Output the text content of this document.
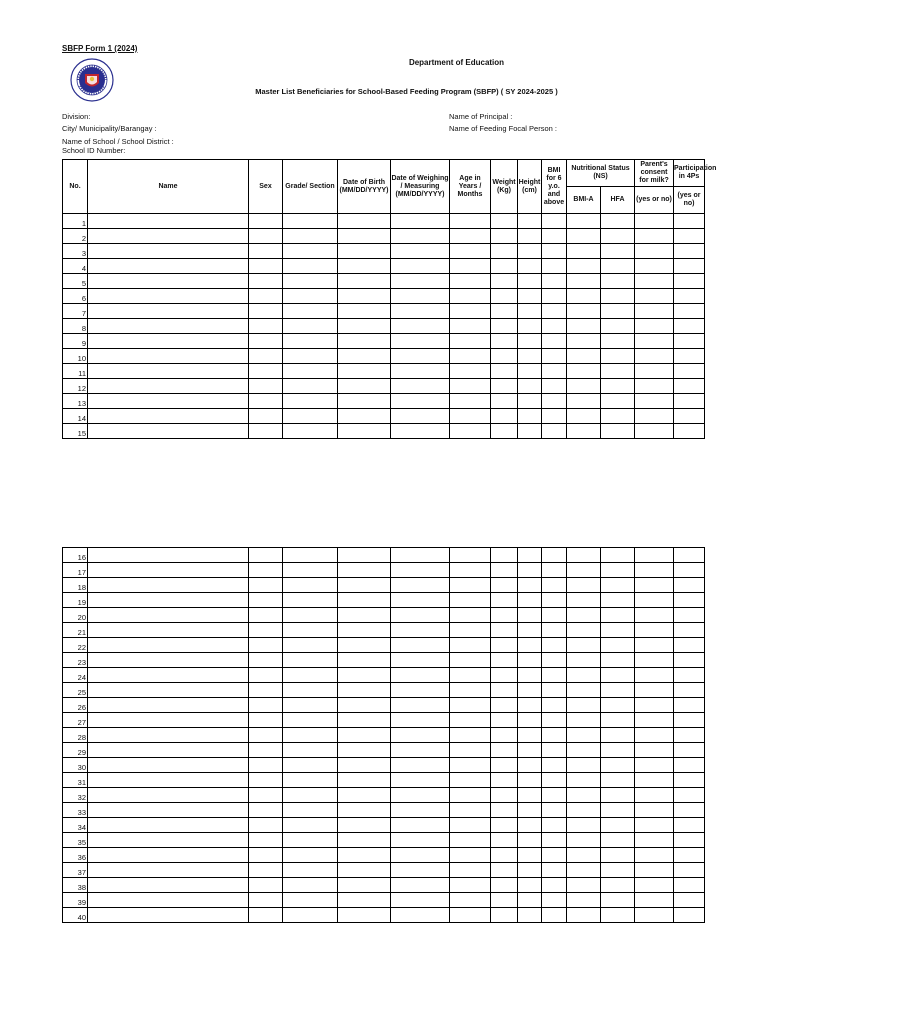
SBFP Form 1 (2024)
Department of Education
Master List Beneficiaries for School-Based Feeding Program (SBFP) ( SY 2024-2025 )
Division:
City/ Municipality/Barangay :
Name of School / School District :
School ID Number:
Name of Principal :
Name of Feeding Focal Person :
No.	Name	Sex	Grade/ Section	Date of Birth (MM/DD/YYYY)	Date of Weighing / Measuring (MM/DD/YYYY)	Age in Years / Months	Weight (Kg)	Height (cm)	BMI for 6 y.o. and above	Nutritional Status (NS)		Parent's consent for milk?	Participation in 4Ps
										BMI-A	HFA	(yes or no)	(yes or no)
1													
2													
3													
4													
5													
6													
7													
8													
9													
10													
11													
12													
13													
14													
15													
16													
17													
18													
19													
20													
21													
22													
23													
24													
25													
26													
27													
28													
29													
30													
31													
32													
33													
34													
35													
36													
37													
38													
39													
40													
